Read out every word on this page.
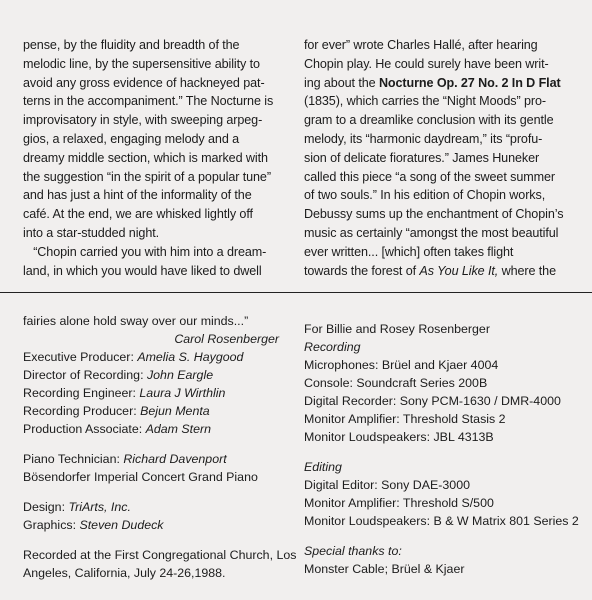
pense, by the fluidity and breadth of the

melodic line, by the supersensitive ability to

avoid any gross evidence of hackneyed pat-

terns in the accompaniment.” The Nocturne is

improvisatory in style, with sweeping arpeg-

gios, a relaxed, engaging melody and a

dreamy middle section, which is marked with

the suggestion “in the spirit of a popular tune”

and has just a hint of the informality of the

café. At the end, we are whisked lightly off

into a star-studded night.

“Chopin carried you with him into a dream-

land, in which you would have liked to dwell

for ever” wrote Charles Hallé, after hearing

Chopin play. He could surely have been writ-

ing about the Nocturne Op. 27 No. 2 In D Flat

(1835), which carries the “Night Moods” pro-

gram to a dreamlike conclusion with its gentle

melody, its “harmonic daydream,” its “profu-

sion of delicate fioratures.” James Huneker

called this piece “a song of the sweet summer

of two souls.” In his edition of Chopin works,

Debussy sums up the enchantment of Chopin’s

music as certainly “amongst the most beautiful

ever written... [which] often takes flight

towards the forest of As You Like It, where the

fairies alone hold sway over our minds...”
Carol Rosenberger
Executive Producer: Amelia S. Haygood
Director of Recording: John Eargle
Recording Engineer: Laura J Wirthlin
Recording Producer: Bejun Menta
Production Associate: Adam Stern
Piano Technician: Richard Davenport
Bösendorfer Imperial Concert Grand Piano
Design: TriArts, Inc.
Graphics: Steven Dudeck
Recorded at the First Congregational Church, Los
Angeles, California, July 24-26,1988.
For Billie and Rosey Rosenberger
Recording
Microphones: Brüel and Kjaer 4004
Console: Soundcraft Series 200B
Digital Recorder: Sony PCM-1630 / DMR-4000
Monitor Amplifier: Threshold Stasis 2
Monitor Loudspeakers: JBL 4313B
Editing
Digital Editor: Sony DAE-3000
Monitor Amplifier: Threshold S/500
Monitor Loudspeakers: B & W Matrix 801 Series 2
Special thanks to:
Monster Cable; Brüel & Kjaer
